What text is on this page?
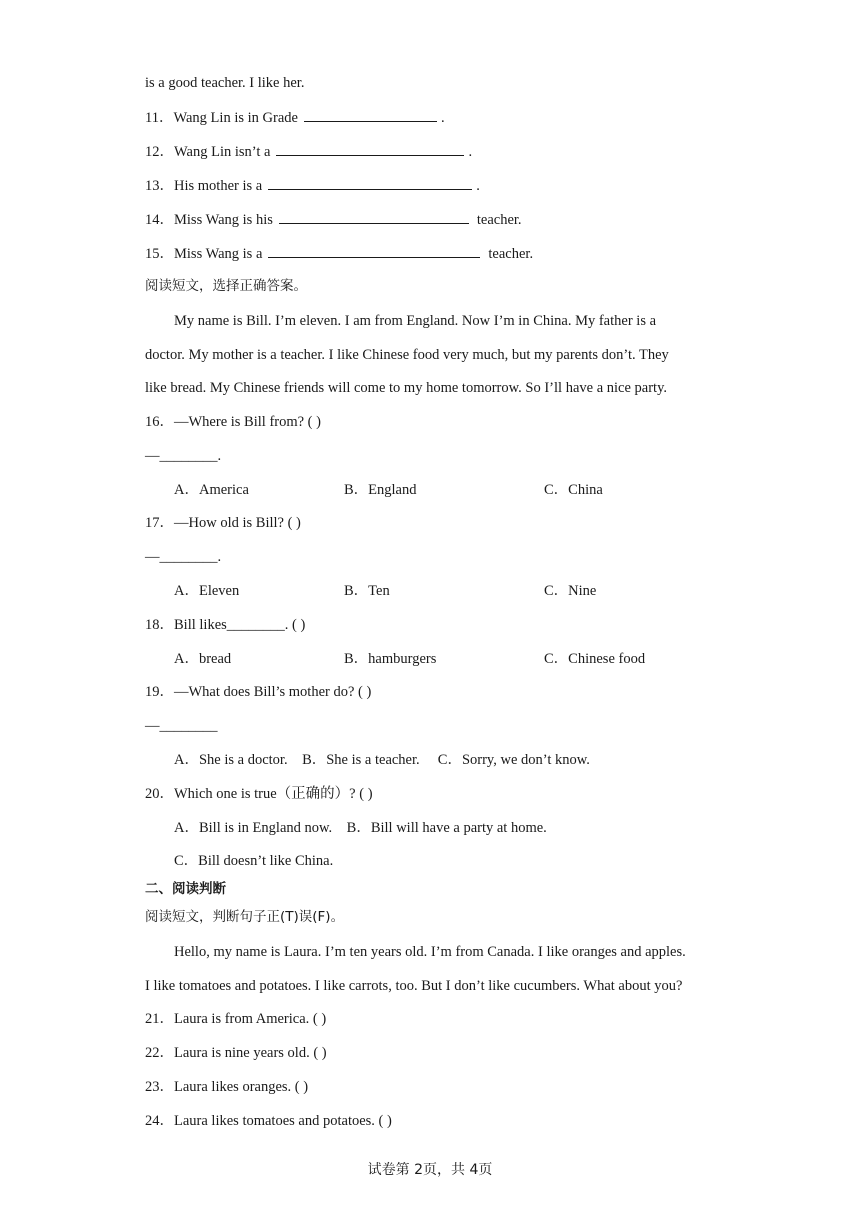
is a good teacher. I like her.
11．Wang Lin is in Grade	.
12．Wang Lin isn’t a	.
13．His mother is a	.
14．Miss Wang is his	teacher.
15．Miss Wang is a	teacher.
阅读短文，选择正确答案。
My name is Bill. I’m eleven. I am from England. Now I’m in China. My father is a
doctor. My mother is a teacher. I like Chinese food very much, but my parents don’t. They
like bread. My Chinese friends will come to my home tomorrow. So I’ll have a nice party.
16．—Where is Bill from? ( )
—________.
A．America	B．England	C．China
17．—How old is Bill? ( )
—________.
A．Eleven	B．Ten	C．Nine
18．Bill likes________. ( )
A．bread	B．hamburgers	C．Chinese food
19．—What does Bill’s mother do? ( )
—________
A．She is a doctor.    B．She is a teacher.     C．Sorry, we don’t know.
20．Which one is true（正确的）? ( )
A．Bill is in England now.    B．Bill will have a party at home.
C．Bill doesn’t like China.
二、阅读判断
阅读短文，判断句子正(T)误(F)。
Hello, my name is Laura. I’m ten years old. I’m from Canada. I like oranges and apples.
I like tomatoes and potatoes. I like carrots, too. But I don’t like cucumbers. What about you?
21．Laura is from America. ( )
22．Laura is nine years old. ( )
23．Laura likes oranges. ( )
24．Laura likes tomatoes and potatoes. ( )
试卷第 2页，共 4页
